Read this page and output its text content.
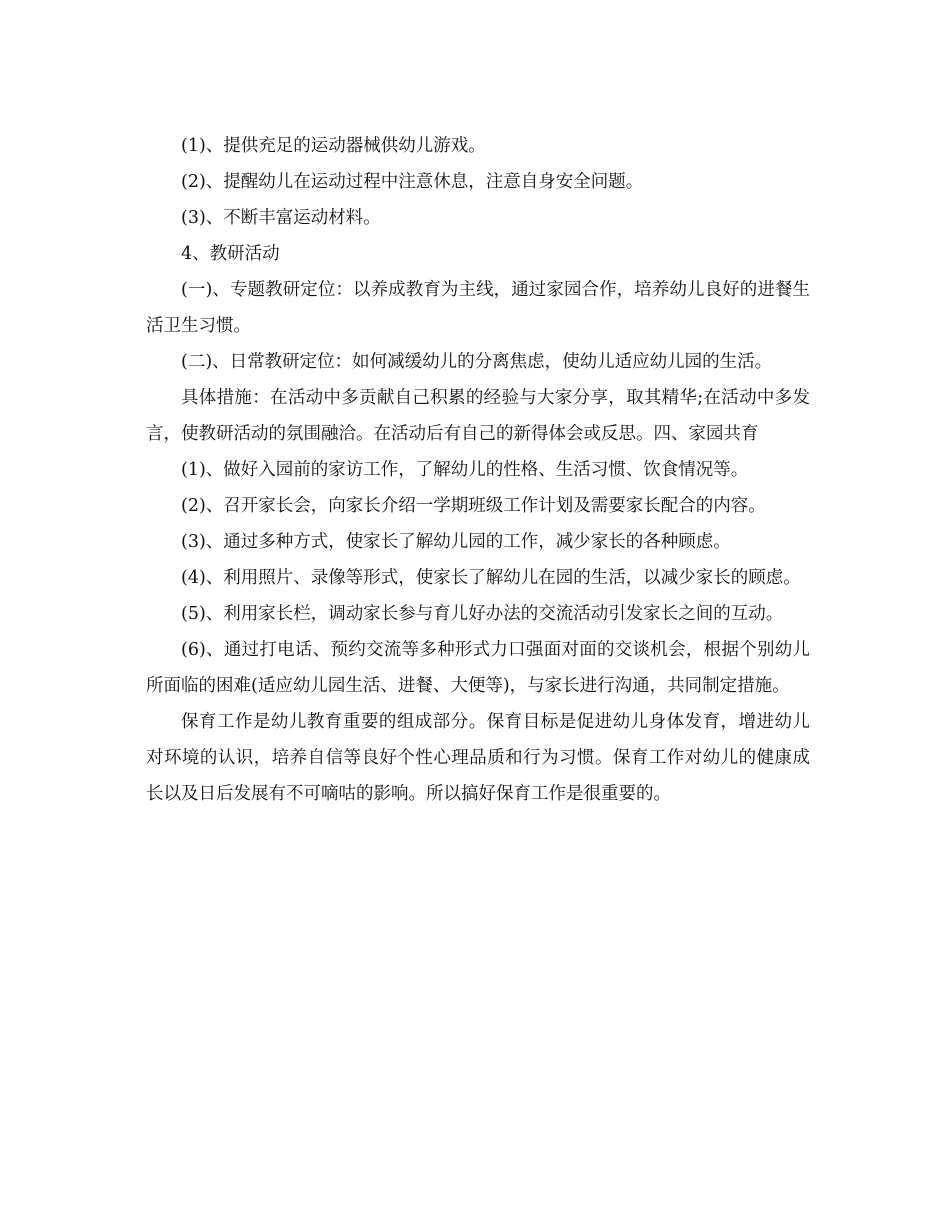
(1)、提供充足的运动器械供幼儿游戏。

(2)、提醒幼儿在运动过程中注意休息，注意自身安全问题。

(3)、不断丰富运动材料。

4、教研活动

(一)、专题教研定位：以养成教育为主线，通过家园合作，培养幼儿良好的进餐生活卫生习惯。

(二)、日常教研定位：如何减缓幼儿的分离焦虑，使幼儿适应幼儿园的生活。

具体措施：在活动中多贡献自己积累的经验与大家分享，取其精华;在活动中多发言，使教研活动的氛围融洽。在活动后有自己的新得体会或反思。四、家园共育

(1)、做好入园前的家访工作，了解幼儿的性格、生活习惯、饮食情况等。

(2)、召开家长会，向家长介绍一学期班级工作计划及需要家长配合的内容。

(3)、通过多种方式，使家长了解幼儿园的工作，减少家长的各种顾虑。

(4)、利用照片、录像等形式，使家长了解幼儿在园的生活，以减少家长的顾虑。

(5)、利用家长栏，调动家长参与育儿好办法的交流活动引发家长之间的互动。

(6)、通过打电话、预约交流等多种形式力口强面对面的交谈机会，根据个别幼儿所面临的困难(适应幼儿园生活、进餐、大便等)，与家长进行沟通，共同制定措施。

保育工作是幼儿教育重要的组成部分。保育目标是促进幼儿身体发育，增进幼儿对环境的认识，培养自信等良好个性心理品质和行为习惯。保育工作对幼儿的健康成长以及日后发展有不可嘀咕的影响。所以搞好保育工作是很重要的。
